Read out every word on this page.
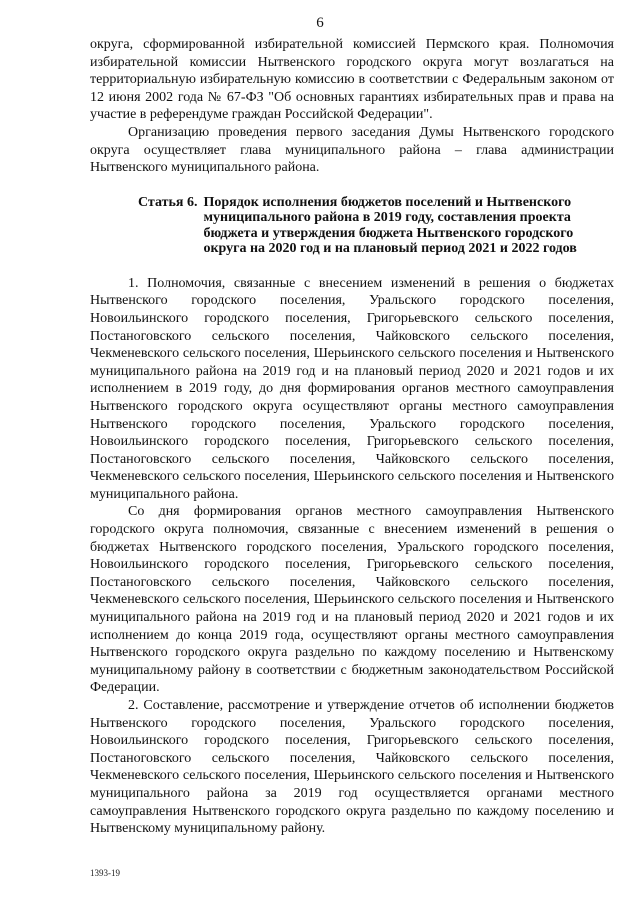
6

округа, сформированной избирательной комиссией Пермского края. Полномочия избирательной комиссии Нытвенского городского округа могут возлагаться на территориальную избирательную комиссию в соответствии с Федеральным законом от 12 июня 2002 года № 67-ФЗ "Об основных гарантиях избирательных прав и права на участие в референдуме граждан Российской Федерации".

Организацию проведения первого заседания Думы Нытвенского городского округа осуществляет глава муниципального района – глава администрации Нытвенского муниципального района.

Статья 6. Порядок исполнения бюджетов поселений и Нытвенского муниципального района в 2019 году, составления проекта бюджета и утверждения бюджета Нытвенского городского округа на 2020 год и на плановый период 2021 и 2022 годов

1. Полномочия, связанные с внесением изменений в решения о бюджетах Нытвенского городского поселения, Уральского городского поселения, Новоильинского городского поселения, Григорьевского сельского поселения, Постаноговского сельского поселения, Чайковского сельского поселения, Чекменевского сельского поселения, Шерьинского сельского поселения и Нытвенского муниципального района на 2019 год и на плановый период 2020 и 2021 годов и их исполнением в 2019 году, до дня формирования органов местного самоуправления Нытвенского городского округа осуществляют органы местного самоуправления Нытвенского городского поселения, Уральского городского поселения, Новоильинского городского поселения, Григорьевского сельского поселения, Постаноговского сельского поселения, Чайковского сельского поселения, Чекменевского сельского поселения, Шерьинского сельского поселения и Нытвенского муниципального района.

Со дня формирования органов местного самоуправления Нытвенского городского округа полномочия, связанные с внесением изменений в решения о бюджетах Нытвенского городского поселения, Уральского городского поселения, Новоильинского городского поселения, Григорьевского сельского поселения, Постаноговского сельского поселения, Чайковского сельского поселения, Чекменевского сельского поселения, Шерьинского сельского поселения и Нытвенского муниципального района на 2019 год и на плановый период 2020 и 2021 годов и их исполнением до конца 2019 года, осуществляют органы местного самоуправления Нытвенского городского округа раздельно по каждому поселению и Нытвенскому муниципальному району в соответствии с бюджетным законодательством Российской Федерации.

2. Составление, рассмотрение и утверждение отчетов об исполнении бюджетов Нытвенского городского поселения, Уральского городского поселения, Новоильинского городского поселения, Григорьевского сельского поселения, Постаноговского сельского поселения, Чайковского сельского поселения, Чекменевского сельского поселения, Шерьинского сельского поселения и Нытвенского муниципального района за 2019 год осуществляется органами местного самоуправления Нытвенского городского округа раздельно по каждому поселению и Нытвенскому муниципальному району.

1393-19
